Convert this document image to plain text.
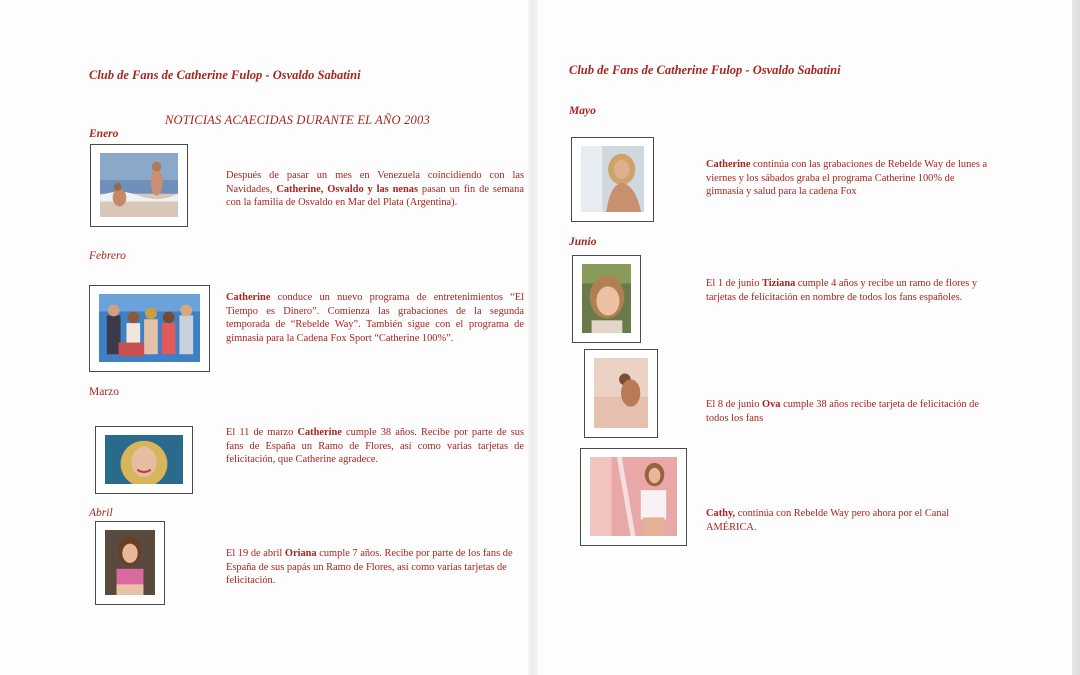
Club de Fans de Catherine Fulop - Osvaldo Sabatini
NOTICIAS ACAECIDAS DURANTE EL AÑO 2003
Enero
Después de pasar un mes en Venezuela coincidiendo con las Navidades, Catherine, Osvaldo y las nenas pasan un fin de semana con la familia de Osvaldo en Mar del Plata (Argentina).
Febrero
Catherine conduce un nuevo programa de entretenimientos “El Tiempo es Dinero”. Comienza las grabaciones de la segunda temporada de “Rebelde Way”. También sigue con el programa de gimnasia para la Cadena Fox Sport “Catherine 100%”.
Marzo
El 11 de marzo Catherine cumple 38 años. Recibe por parte de sus fans de España un Ramo de Flores, así como varias tarjetas de felicitación, que Catherine agradece.
Abril
El 19 de abril Oriana cumple 7 años. Recibe por parte de los fans de España de sus papás un Ramo de Flores, así como varias tarjetas de felicitación.
Club de Fans de Catherine Fulop - Osvaldo Sabatini
Mayo
Catherine continúa con las grabaciones de Rebelde Way de lunes a viernes y los sábados graba el programa Catherine 100% de gimnasia y salud para la cadena Fox
Junio
El 1 de junio Tiziana cumple 4 años y recibe un ramo de flores y tarjetas de felicitación en nombre de todos los fans españoles.
El 8 de junio Ova cumple 38 años recibe tarjeta de felicitación de todos los fans
Cathy, continúa con Rebelde Way pero ahora por el Canal AMÉRICA.
